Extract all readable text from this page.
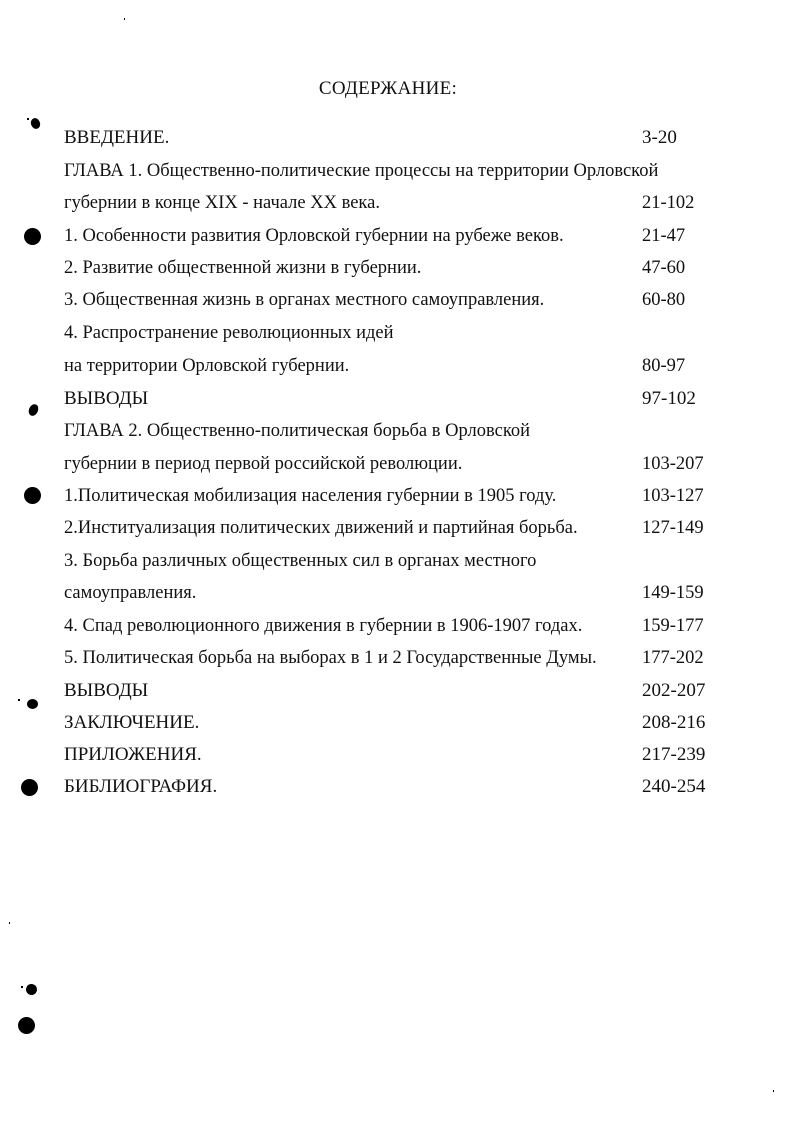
СОДЕРЖАНИЕ:
ВВЕДЕНИЕ.	3-20
ГЛАВА 1. Общественно-политические процессы на территории Орловской
губернии в конце XIX - начале XX века.	21-102
1. Особенности развития Орловской губернии на рубеже веков.	21-47
2. Развитие общественной жизни в губернии.	47-60
3. Общественная жизнь в органах местного самоуправления.	60-80
4. Распространение революционных идей
на территории Орловской губернии.	80-97
ВЫВОДЫ	97-102
ГЛАВА 2. Общественно-политическая борьба в Орловской
губернии в период первой российской революции.	103-207
1.Политическая мобилизация населения губернии в 1905 году.	103-127
2.Институализация политических движений и партийная борьба.	127-149
3. Борьба различных общественных сил в органах местного
самоуправления.	149-159
4. Спад революционного движения в губернии в 1906-1907 годах.	159-177
5. Политическая борьба на выборах в 1 и 2 Государственные Думы. 177-202
ВЫВОДЫ	202-207
ЗАКЛЮЧЕНИЕ.	208-216
ПРИЛОЖЕНИЯ.	217-239
БИБЛИОГРАФИЯ.	240-254
